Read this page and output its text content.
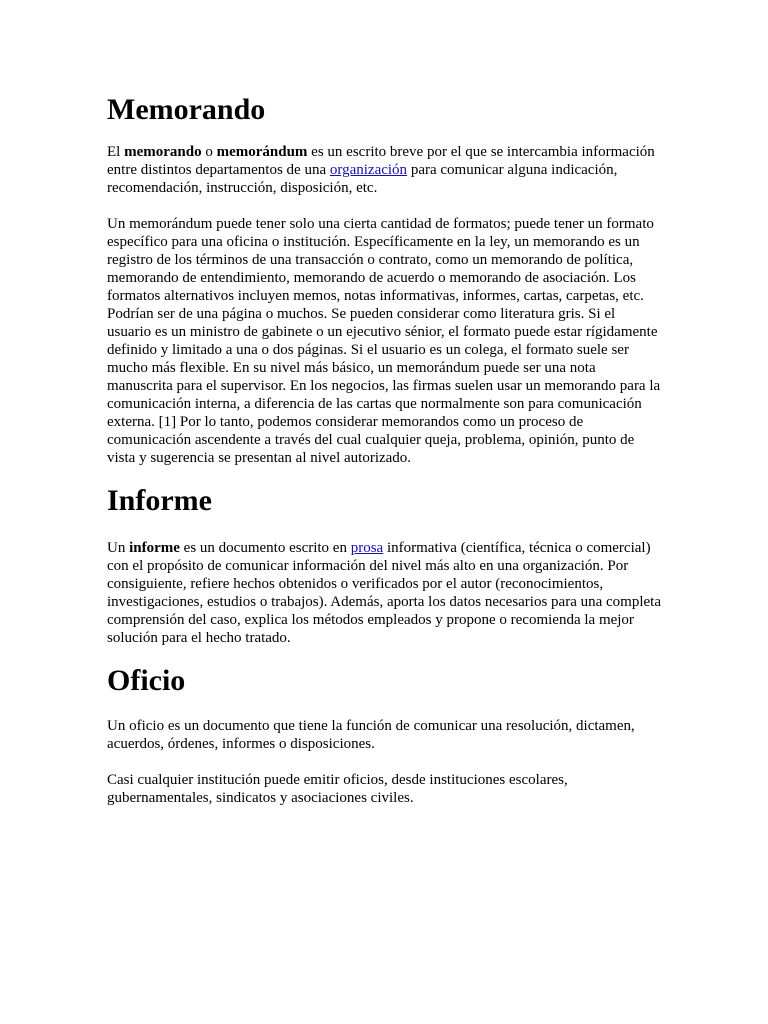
Memorando

El memorando o memorándum es un escrito breve por el que se intercambia información entre distintos departamentos de una organización para comunicar alguna indicación, recomendación, instrucción, disposición, etc.

Un memorándum puede tener solo una cierta cantidad de formatos; puede tener un formato específico para una oficina o institución. Específicamente en la ley, un memorando es un registro de los términos de una transacción o contrato, como un memorando de política, memorando de entendimiento, memorando de acuerdo o memorando de asociación. Los formatos alternativos incluyen memos, notas informativas, informes, cartas, carpetas, etc. Podrían ser de una página o muchos. Se pueden considerar como literatura gris. Si el usuario es un ministro de gabinete o un ejecutivo sénior, el formato puede estar rígidamente definido y limitado a una o dos páginas. Si el usuario es un colega, el formato suele ser mucho más flexible. En su nivel más básico, un memorándum puede ser una nota manuscrita para el supervisor. En los negocios, las firmas suelen usar un memorando para la comunicación interna, a diferencia de las cartas que normalmente son para comunicación externa. [1] Por lo tanto, podemos considerar memorandos como un proceso de comunicación ascendente a través del cual cualquier queja, problema, opinión, punto de vista y sugerencia se presentan al nivel autorizado.

Informe

Un informe es un documento escrito en prosa informativa (científica, técnica o comercial) con el propósito de comunicar información del nivel más alto en una organización. Por consiguiente, refiere hechos obtenidos o verificados por el autor (reconocimientos, investigaciones, estudios o trabajos). Además, aporta los datos necesarios para una completa comprensión del caso, explica los métodos empleados y propone o recomienda la mejor solución para el hecho tratado.

Oficio

Un oficio es un documento que tiene la función de comunicar una resolución, dictamen, acuerdos, órdenes, informes o disposiciones.

Casi cualquier institución puede emitir oficios, desde instituciones escolares, gubernamentales, sindicatos y asociaciones civiles.
